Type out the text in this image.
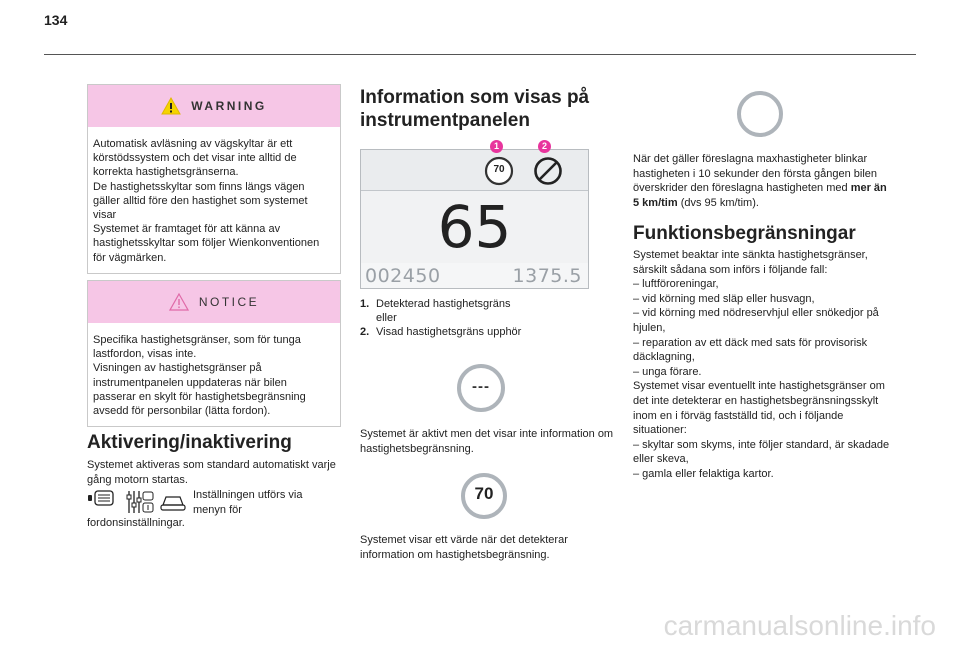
134
WARNING

Automatisk avläsning av vägskyltar är ett körstödssystem och det visar inte alltid de korrekta hastighetsgränserna.

De hastighetsskyltar som finns längs vägen gäller alltid före den hastighet som systemet visar

Systemet är framtaget för att känna av hastighetsskyltar som följer Wienkonventionen för vägmärken.

NOTICE

Specifika hastighetsgränser, som för tunga lastfordon, visas inte.

Visningen av hastighetsgränser på instrumentpanelen uppdateras när bilen passerar en skylt för hastighetsbegränsning avsedd för personbilar (lätta fordon).

Aktivering/inaktivering
Systemet aktiveras som standard automatiskt varje gång motorn startas.
Inställningen utförs via menyn för
fordonsinställningar.
Information som visas på
instrumentpanelen
70
65
002450	1375.5
1	2
1. Detekterad hastighetsgräns
eller
2. Visad hastighetsgräns upphör
---
Systemet är aktivt men det visar inte information om hastighetsbegränsning.
70
Systemet visar ett värde när det detekterar information om hastighetsbegränsning.
När det gäller föreslagna maxhastigheter blinkar hastigheten i 10 sekunder den första gången bilen överskrider den föreslagna hastigheten med mer än 5 km/tim (dvs 95 km/tim).
Funktionsbegränsningar

Systemet beaktar inte sänkta hastighetsgränser, särskilt sådana som införs i följande fall:

– luftföroreningar,

– vid körning med släp eller husvagn,

– vid körning med nödreservhjul eller snökedjor på hjulen,

– reparation av ett däck med sats för provisorisk däcklagning,

– unga förare.

Systemet visar eventuellt inte hastighetsgränser om det inte detekterar en hastighetsbegränsningsskylt inom en i förväg fastställd tid, och i följande situationer:

– skyltar som skyms, inte följer standard, är skadade eller skeva,

– gamla eller felaktiga kartor.

carmanualsonline.info
